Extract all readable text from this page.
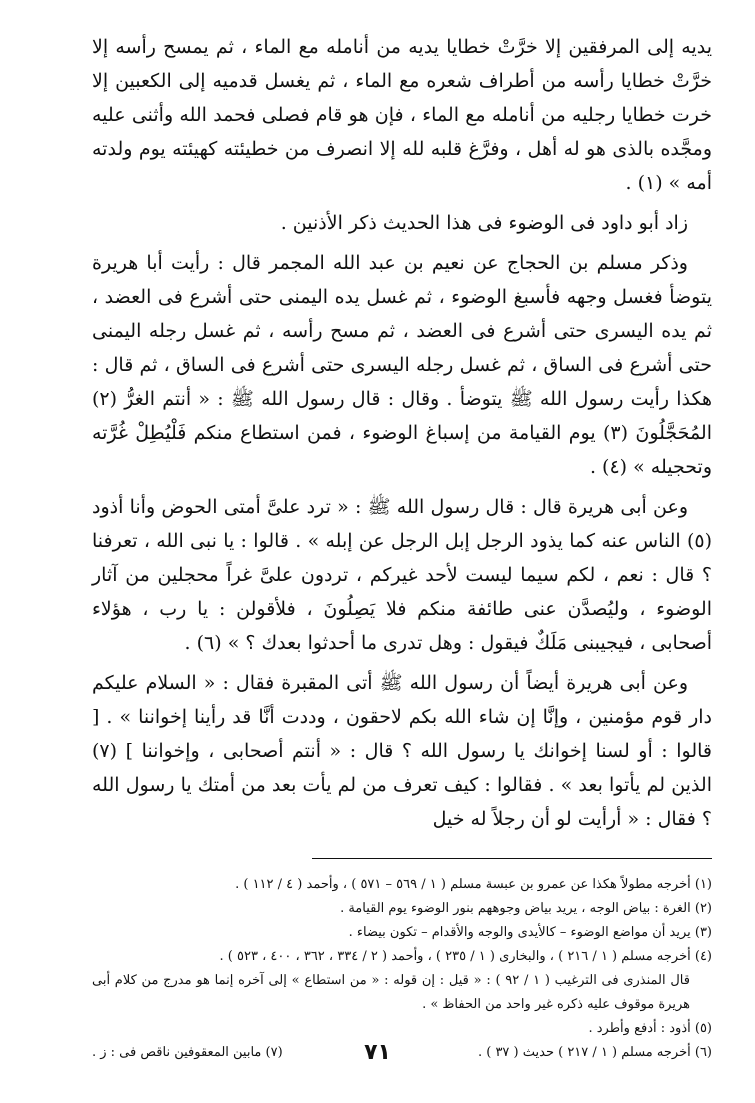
يديه إلى المرفقين إلا خرَّتْ خطايا يديه من أنامله مع الماء ، ثم يمسح رأسه إلا خرَّتْ خطايا رأسه من أطراف شعره مع الماء ، ثم يغسل قدميه إلى الكعبين إلا خرت خطايا رجليه من أنامله مع الماء ، فإن هو قام فصلى فحمد الله وأثنى عليه ومجَّده بالذى هو له أهل ، وفرَّغ قلبه لله إلا انصرف من خطيئته كهيئته يوم ولدته أمه » (١) .

زاد أبو داود فى الوضوء فى هذا الحديث ذكر الأذنين .

وذكر مسلم بن الحجاج عن نعيم بن عبد الله المجمر قال : رأيت أبا هريرة يتوضأ فغسل وجهه فأسبغ الوضوء ، ثم غسل يده اليمنى حتى أشرع فى العضد ، ثم يده اليسرى حتى أشرع فى العضد ، ثم مسح رأسه ، ثم غسل رجله اليمنى حتى أشرع فى الساق ، ثم غسل رجله اليسرى حتى أشرع فى الساق ، ثم قال : هكذا رأيت رسول الله ﷺ يتوضأ . وقال : قال رسول الله ﷺ : « أنتم الغرُّ (٢) المُحَجَّلُونَ (٣) يوم القيامة من إسباغ الوضوء ، فمن استطاع منكم فَلْيُطِلْ غُرَّته وتحجيله » (٤) .

وعن أبى هريرة قال : قال رسول الله ﷺ : « ترد علىَّ أمتى الحوض وأنا أذود (٥) الناس عنه كما يذود الرجل إبل الرجل عن إبله » . قالوا : يا نبى الله ، تعرفنا ؟ قال : نعم ، لكم سيما ليست لأحد غيركم ، تردون علىَّ غراً محجلين من آثار الوضوء ، وليُصدَّن عنى طائفة منكم فلا يَصِلُونَ ، فلأقولن : يا رب ، هؤلاء أصحابى ، فيجيبنى مَلَكٌ فيقول : وهل تدرى ما أحدثوا بعدك ؟ » (٦) .

وعن أبى هريرة أيضاً أن رسول الله ﷺ أتى المقبرة فقال : « السلام عليكم دار قوم مؤمنين ، وإنَّا إن شاء الله بكم لاحقون ، وددت أنَّا قد رأينا إخواننا » . [ قالوا : أو لسنا إخوانك يا رسول الله ؟ قال : « أنتم أصحابى ، وإخواننا ] (٧) الذين لم يأتوا بعد » . فقالوا : كيف تعرف من لم يأت بعد من أمتك يا رسول الله ؟ فقال : « أرأيت لو أن رجلاً له خيل

(١) أخرجه مطولاً هكذا عن عمرو بن عبسة مسلم ( ١ / ٥٦٩ – ٥٧١ ) ، وأحمد ( ٤ / ١١٢ ) .

(٢) الغرة : بياض الوجه ، يريد بياض وجوههم بنور الوضوء يوم القيامة .

(٣) يريد أن مواضع الوضوء – كالأيدى والوجه والأقدام – تكون بيضاء .

(٤) أخرجه مسلم ( ١ / ٢١٦ ) ، والبخارى ( ١ / ٢٣٥ ) ، وأحمد ( ٢ / ٣٣٤ ، ٣٦٢ ، ٤٠٠ ، ٥٢٣ ) .

قال المنذرى فى الترغيب ( ١ / ٩٢ ) : « قيل : إن قوله : « من استطاع » إلى آخره إنما هو مدرج من كلام أبى هريرة موقوف عليه ذكره غير واحد من الحفاظ » .

(٥) أذود : أدفع وأطرد .

(٦) أخرجه مسلم ( ١ / ٢١٧ ) حديث ( ٣٧ ) .
(٧) مابين المعقوفين ناقص فى : ز .	٧١
